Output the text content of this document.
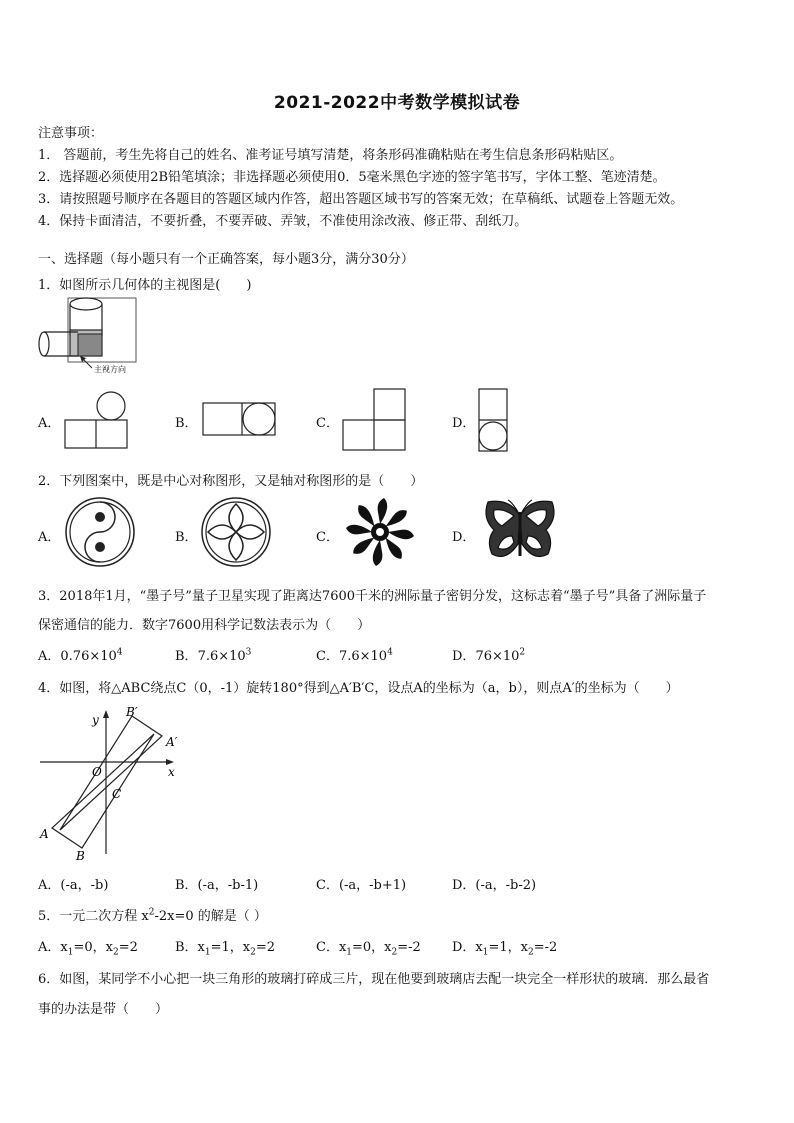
2021-2022中考数学模拟试卷
注意事项：
1． 答题前，考生先将自己的姓名、准考证号填写清楚，将条形码准确粘贴在考生信息条形码粘贴区。
2．选择题必须使用2B铅笔填涂；非选择题必须使用0．5毫米黑色字迹的签字笔书写，字体工整、笔迹清楚。
3．请按照题号顺序在各题目的答题区域内作答，超出答题区域书写的答案无效；在草稿纸、试题卷上答题无效。
4．保持卡面清洁，不要折叠，不要弄破、弄皱，不准使用涂改液、修正带、刮纸刀。
一、选择题（每小题只有一个正确答案，每小题3分，满分30分）
1．如图所示几何体的主视图是(　　)
主视方向
A．	B．	C．	D．
2．下列图案中，既是中心对称图形，又是轴对称图形的是（　　）
A．	B．	C．	D．
3．2018年1月，“墨子号”量子卫星实现了距离达7600千米的洲际量子密钥分发，这标志着“墨子号”具备了洲际量子
保密通信的能力．数字7600用科学记数法表示为（　　）
A．$0.76\times 10^4$	B．$7.6\times 10^3$	C．$7.6\times 10^4$	D．$76\times 10^2$
4．如图，将△ABC绕点C（0，-1）旋转180°得到△A′B′C，设点A的坐标为（a，b），则点A′的坐标为（　　）
y
x
O
C
A
B
A′
B′
A．(-a，-b)	B．(-a，-b-1)	C．(-a，-b+1)	D．(-a，-b-2)
5．一元二次方程 $x^2-2x=0$ 的解是（ ）
A．$x_1=0$，$x_2=2$	B．$x_1=1$，$x_2=2$	C．$x_1=0$，$x_2=-2$ D．$x_1=1$，$x_2=-2$
6．如图，某同学不小心把一块三角形的玻璃打碎成三片，现在他要到玻璃店去配一块完全一样形状的玻璃．那么最省
事的办法是带（　　）
